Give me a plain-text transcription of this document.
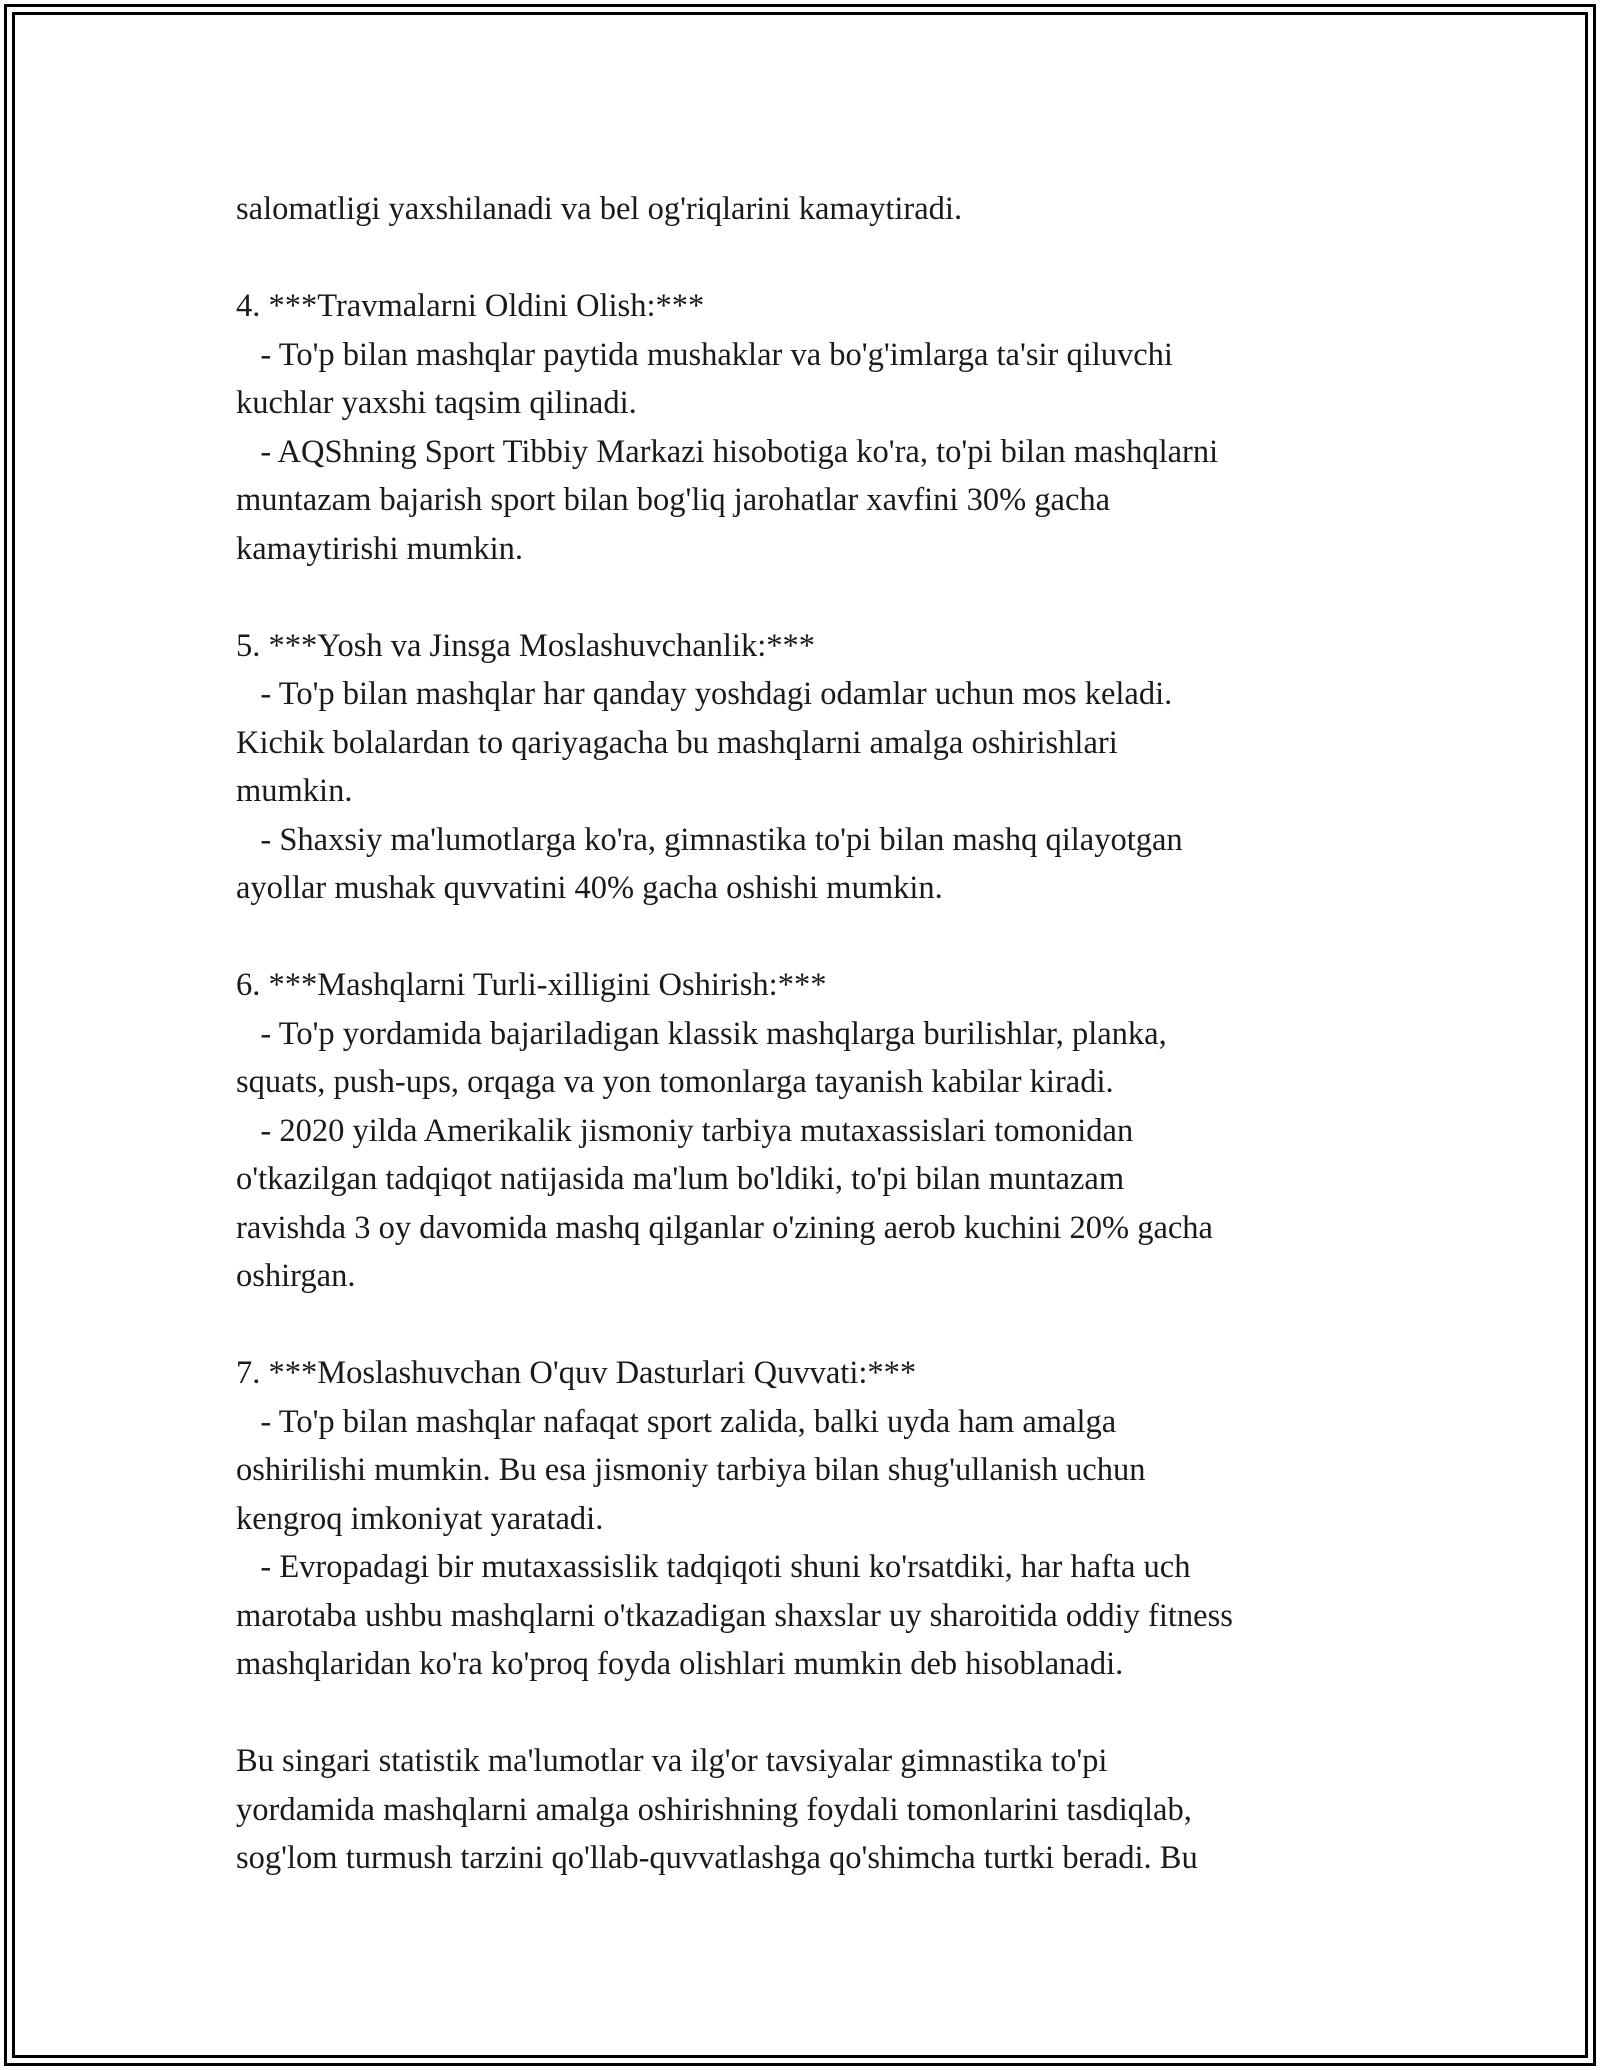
salomatligi yaxshilanadi va bel og'riqlarini kamaytiradi.
4. ***Travmalarni Oldini Olish:***
- To'p bilan mashqlar paytida mushaklar va bo'g'imlarga ta'sir qiluvchi
kuchlar yaxshi taqsim qilinadi.
- AQShning Sport Tibbiy Markazi hisobotiga ko'ra, to'pi bilan mashqlarni
muntazam bajarish sport bilan bog'liq jarohatlar xavfini 30% gacha
kamaytirishi mumkin.
5. ***Yosh va Jinsga Moslashuvchanlik:***
- To'p bilan mashqlar har qanday yoshdagi odamlar uchun mos keladi.
Kichik bolalardan to qariyagacha bu mashqlarni amalga oshirishlari
mumkin.
- Shaxsiy ma'lumotlarga ko'ra, gimnastika to'pi bilan mashq qilayotgan
ayollar mushak quvvatini 40% gacha oshishi mumkin.
6. ***Mashqlarni Turli-xilligini Oshirish:***
- To'p yordamida bajariladigan klassik mashqlarga burilishlar, planka,
squats, push-ups, orqaga va yon tomonlarga tayanish kabilar kiradi.
- 2020 yilda Amerikalik jismoniy tarbiya mutaxassislari tomonidan
o'tkazilgan tadqiqot natijasida ma'lum bo'ldiki, to'pi bilan muntazam
ravishda 3 oy davomida mashq qilganlar o'zining aerob kuchini 20% gacha
oshirgan.
7. ***Moslashuvchan O'quv Dasturlari Quvvati:***
- To'p bilan mashqlar nafaqat sport zalida, balki uyda ham amalga
oshirilishi mumkin. Bu esa jismoniy tarbiya bilan shug'ullanish uchun
kengroq imkoniyat yaratadi.
- Evropadagi bir mutaxassislik tadqiqoti shuni ko'rsatdiki, har hafta uch
marotaba ushbu mashqlarni o'tkazadigan shaxslar uy sharoitida oddiy fitness
mashqlaridan ko'ra ko'proq foyda olishlari mumkin deb hisoblanadi.
Bu singari statistik ma'lumotlar va ilg'or tavsiyalar gimnastika to'pi
yordamida mashqlarni amalga oshirishning foydali tomonlarini tasdiqlab,
sog'lom turmush tarzini qo'llab-quvvatlashga qo'shimcha turtki beradi. Bu
